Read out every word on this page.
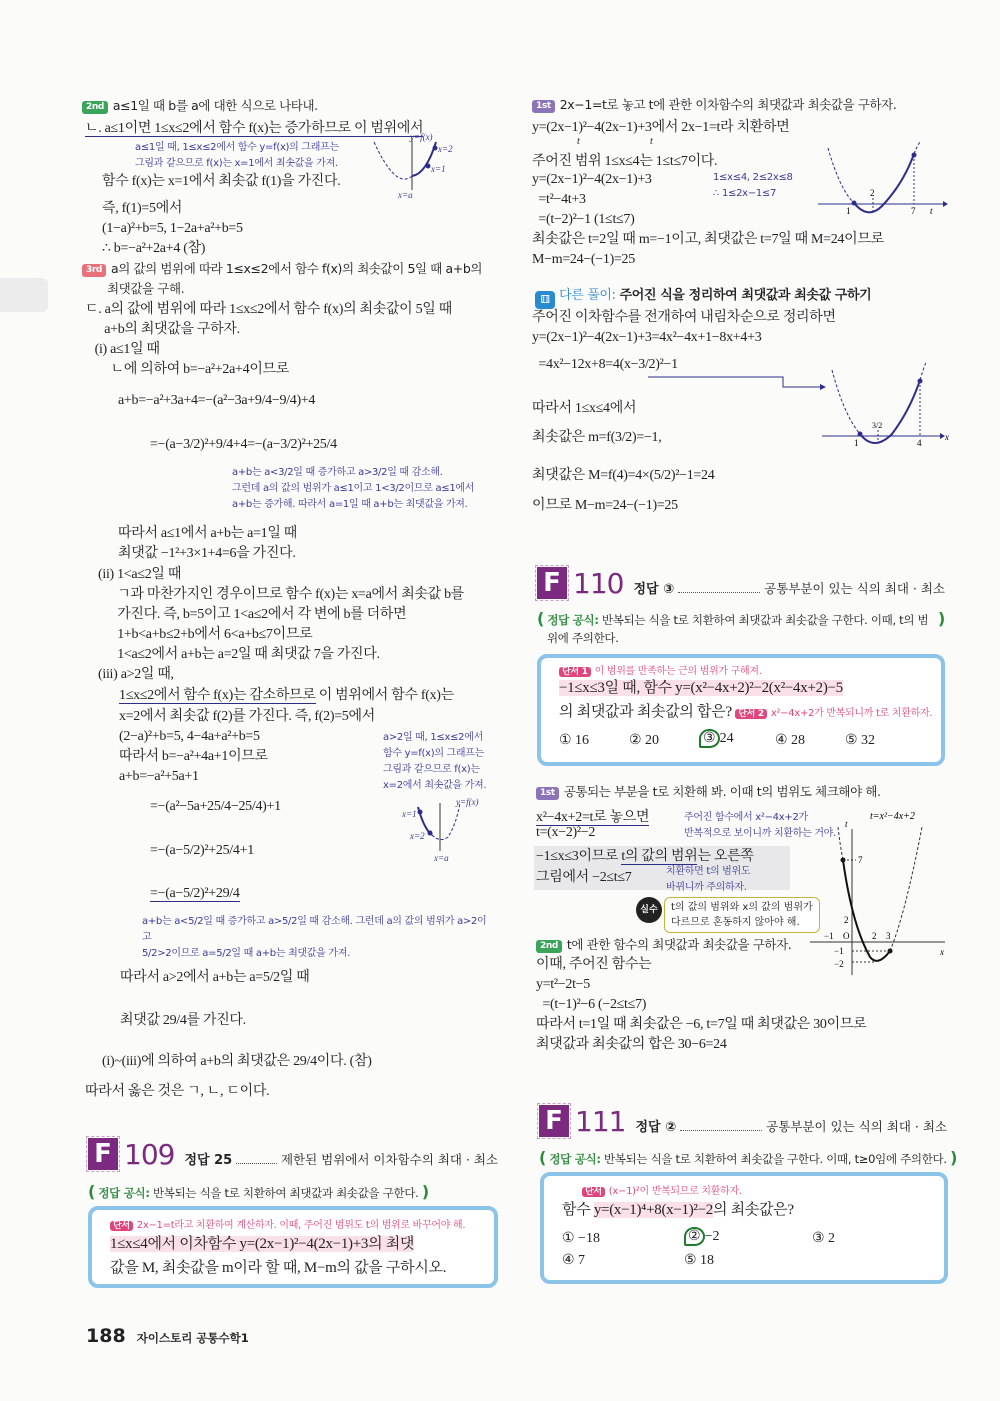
2nd a≤1일 때 b를 a에 대한 식으로 나타내.
ㄴ. a≤1이면 1≤x≤2에서 함수 f(x)는 증가하므로 이 범위에서
a≤1일 때, 1≤x≤2에서 함수 y=f(x)의 그래프는
그림과 같으므로 f(x)는 x=1에서 최솟값을 가져.
함수 f(x)는 x=1에서 최솟값 f(1)을 가진다.
y=f(x)
x=2
x=1
x=a
즉, f(1)=5에서
(1−a)²+b=5, 1−2a+a²+b=5
∴ b=−a²+2a+4 (참)
3rd a의 값의 범위에 따라 1≤x≤2에서 함수 f(x)의 최솟값이 5일 때 a+b의
최댓값을 구해.
ㄷ. a의 값에 범위에 따라 1≤x≤2에서 함수 f(x)의 최솟값이 5일 때
a+b의 최댓값을 구하자.
(i) a≤1일 때
ㄴ에 의하여 b=−a²+2a+4이므로
a+b=−a²+3a+4=−(a²−3a+9/4−9/4)+4
=−(a−3/2)²+9/4+4=−(a−3/2)²+25/4
a+b는 a<3/2일 때 증가하고 a>3/2일 때 감소해.
그런데 a의 값의 범위가 a≤1이고 1<3/2이므로 a≤1에서
a+b는 증가해. 따라서 a=1일 때 a+b는 최댓값을 가져.
따라서 a≤1에서 a+b는 a=1일 때
최댓값 −1²+3×1+4=6을 가진다.
(ii) 1<a≤2일 때
ㄱ과 마찬가지인 경우이므로 함수 f(x)는 x=a에서 최솟값 b를
가진다. 즉, b=5이고 1<a≤2에서 각 변에 b를 더하면
1+b<a+b≤2+b에서 6<a+b≤7이므로
1<a≤2에서 a+b는 a=2일 때 최댓값 7을 가진다.
(iii) a>2일 때,
1≤x≤2에서 함수 f(x)는 감소하므로 이 범위에서 함수 f(x)는
x=2에서 최솟값 f(2)를 가진다. 즉, f(2)=5에서
(2−a)²+b=5, 4−4a+a²+b=5
따라서 b=−a²+4a+1이므로
a+b=−a²+5a+1
a>2일 때, 1≤x≤2에서
함수 y=f(x)의 그래프는
그림과 같으므로 f(x)는
x=2에서 최솟값을 가져.
y=f(x)
x=1
x=2
x=a
=−(a²−5a+25/4−25/4)+1
=−(a−5/2)²+25/4+1
=−(a−5/2)²+29/4
a+b는 a<5/2일 때 증가하고 a>5/2일 때 감소해. 그런데 a의 값의 범위가 a>2이고
5/2>2이므로 a=5/2일 때 a+b는 최댓값을 가져.
따라서 a>2에서 a+b는 a=5/2일 때
최댓값 29/4를 가진다.
(i)~(iii)에 의하여 a+b의 최댓값은 29/4이다. (참)
따라서 옳은 것은 ㄱ, ㄴ, ㄷ이다.
F 109 정답 25	제한된 범위에서 이차함수의 최대 · 최소
( 정답 공식: 반복되는 식을 t로 치환하여 최댓값과 최솟값을 구한다. )
단서 2x−1=t라고 치환하여 계산하자. 이때, 주어진 범위도 t의 범위로 바꾸어야 해.
1≤x≤4에서 이차함수 y=(2x−1)²−4(2x−1)+3의 최댓
값을 M, 최솟값을 m이라 할 때, M−m의 값을 구하시오.
188 자이스토리 공통수학1
1st 2x−1=t로 놓고 t에 관한 이차함수의 최댓값과 최솟값을 구하자.
y=(2x−1)²−4(2x−1)+3에서 2x−1=t라 치환하면
t	t
주어진 범위 1≤x≤4는 1≤t≤7이다.
y=(2x−1)²−4(2x−1)+3
=t²−4t+3
=(t−2)²−1 (1≤t≤7)
최솟값은 t=2일 때 m=−1이고, 최댓값은 t=7일 때 M=24이므로
M−m=24−(−1)=25
1≤x≤4, 2≤2x≤8
∴ 1≤2x−1≤7	2
1	7 t
⚅ 다른 풀이: 주어진 식을 정리하여 최댓값과 최솟값 구하기
주어진 이차함수를 전개하여 내림차순으로 정리하면
y=(2x−1)²−4(2x−1)+3=4x²−4x+1−8x+4+3
=4x²−12x+8=4(x−3/2)²−1
따라서 1≤x≤4에서
최솟값은 m=f(3/2)=−1,
최댓값은 M=f(4)=4×(5/2)²−1=24
이므로 M−m=24−(−1)=25
3/2
1	4
x
F 110 정답 ③	공통부분이 있는 식의 최대 · 최소
( 정답 공식: 반복되는 식을 t로 치환하여 최댓값과 최솟값을 구한다. 이때, t의 범 )
위에 주의한다.
단서 1 이 범위를 만족하는 근의 범위가 구해져.
−1≤x≤3일 때, 함수 y=(x²−4x+2)²−2(x²−4x+2)−5
의 최댓값과 최솟값의 합은? 단서 2 x²−4x+2가 반복되니까 t로 치환하자.
① 16	② 20	③ 24	④ 28	⑤ 32
1st 공통되는 부분을 t로 치환해 봐. 이때 t의 범위도 체크해야 해.
x²−4x+2=t로 놓으면	주어진 함수에서 x²−4x+2가
반복적으로 보이니까 치환하는 거야.
t=(x−2)²−2
−1≤x≤3이므로 t의 값의 범위는 오른쪽
그림에서 −2≤t≤7	치환하면 t의 범위도
바뀌니까 주의하자.
실수	t의 값의 범위와 x의 값의 범위가
다르므로 혼동하지 않아야 해.
2nd t에 관한 함수의 최댓값과 최솟값을 구하자.
이때, 주어진 함수는
y=t²−2t−5
=(t−1)²−6 (−2≤t≤7)
따라서 t=1일 때 최솟값은 −6, t=7일 때 최댓값은 30이므로
최댓값과 최솟값의 합은 30−6=24
t=x²−4x+2
t
x
7
2
−1 O	2 3
−1
−2
F 111 정답 ②	공통부분이 있는 식의 최대 · 최소
( 정답 공식: 반복되는 식을 t로 치환하여 최솟값을 구한다. 이때, t≥0임에 주의한다. )
단서 (x−1)²이 반복되므로 치환하자.
함수 y=(x−1)⁴+8(x−1)²−2의 최솟값은?
① −18	② −2	③ 2
④ 7	⑤ 18
